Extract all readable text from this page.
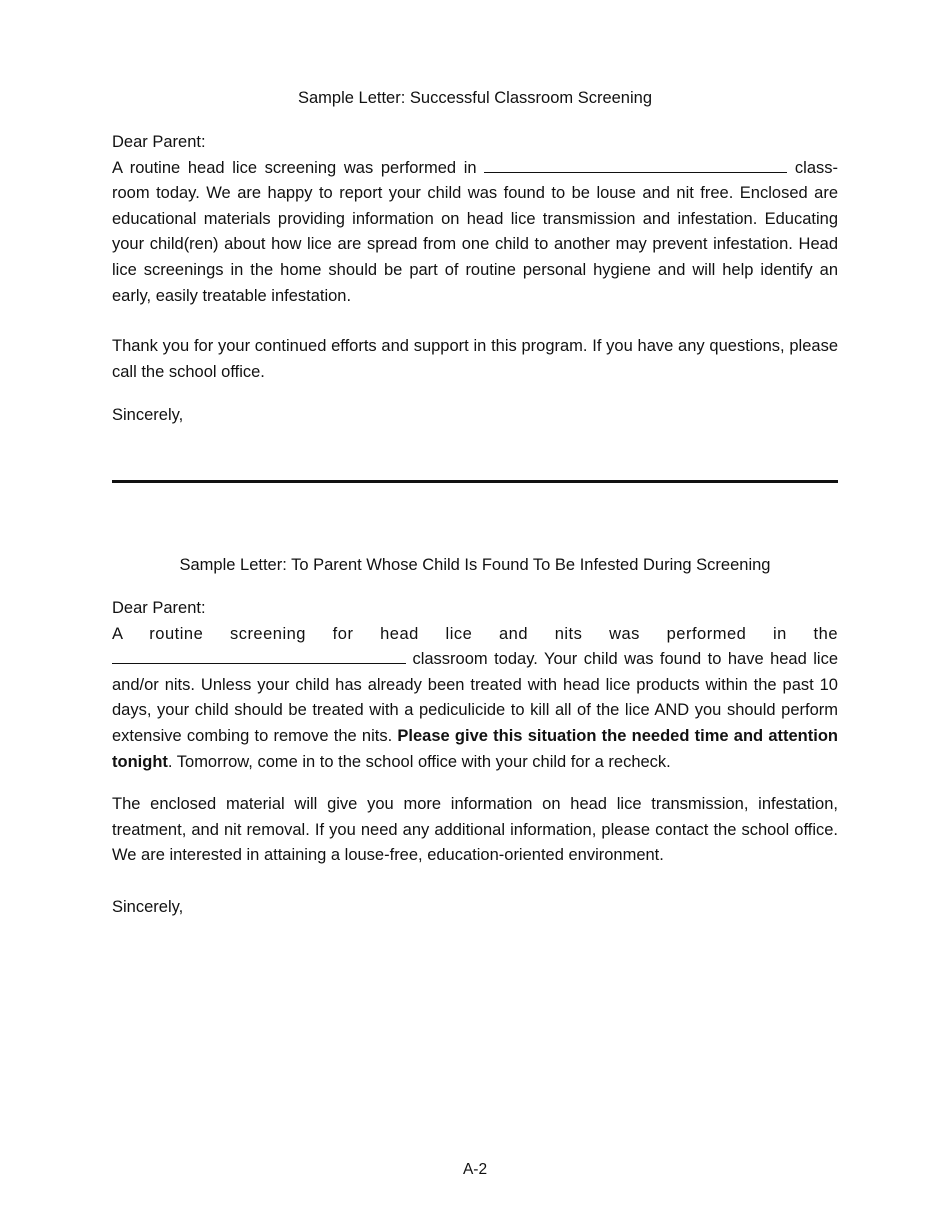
Sample Letter: Successful Classroom Screening

Dear Parent:

A routine head lice screening was performed in	class-room today. We are happy to report your child was found to be louse and nit free. Enclosed are educational materials providing information on head lice transmission and infestation. Educating your child(ren) about how lice are spread from one child to another may prevent infestation. Head lice screenings in the home should be part of routine personal hygiene and will help identify an early, easily treatable infestation.

Thank you for your continued efforts and support in this program. If you have any questions, please call the school office.
Sincerely,
Sample Letter: To Parent Whose Child Is Found To Be Infested During Screening

Dear Parent:

A routine screening for head lice and nits was performed in the

classroom today. Your child was found to have head lice and/or nits. Unless your child has already been treated with head lice products within the past 10 days, your child should be treated with a pediculicide to kill all of the lice AND you should perform extensive combing to remove the nits. Please give this situation the needed time and attention tonight. Tomorrow, come in to the school office with your child for a recheck.

The enclosed material will give you more information on head lice transmission, infestation, treatment, and nit removal. If you need any additional information, please contact the school office. We are interested in attaining a louse-free, education-oriented environment.
Sincerely,
A-2
